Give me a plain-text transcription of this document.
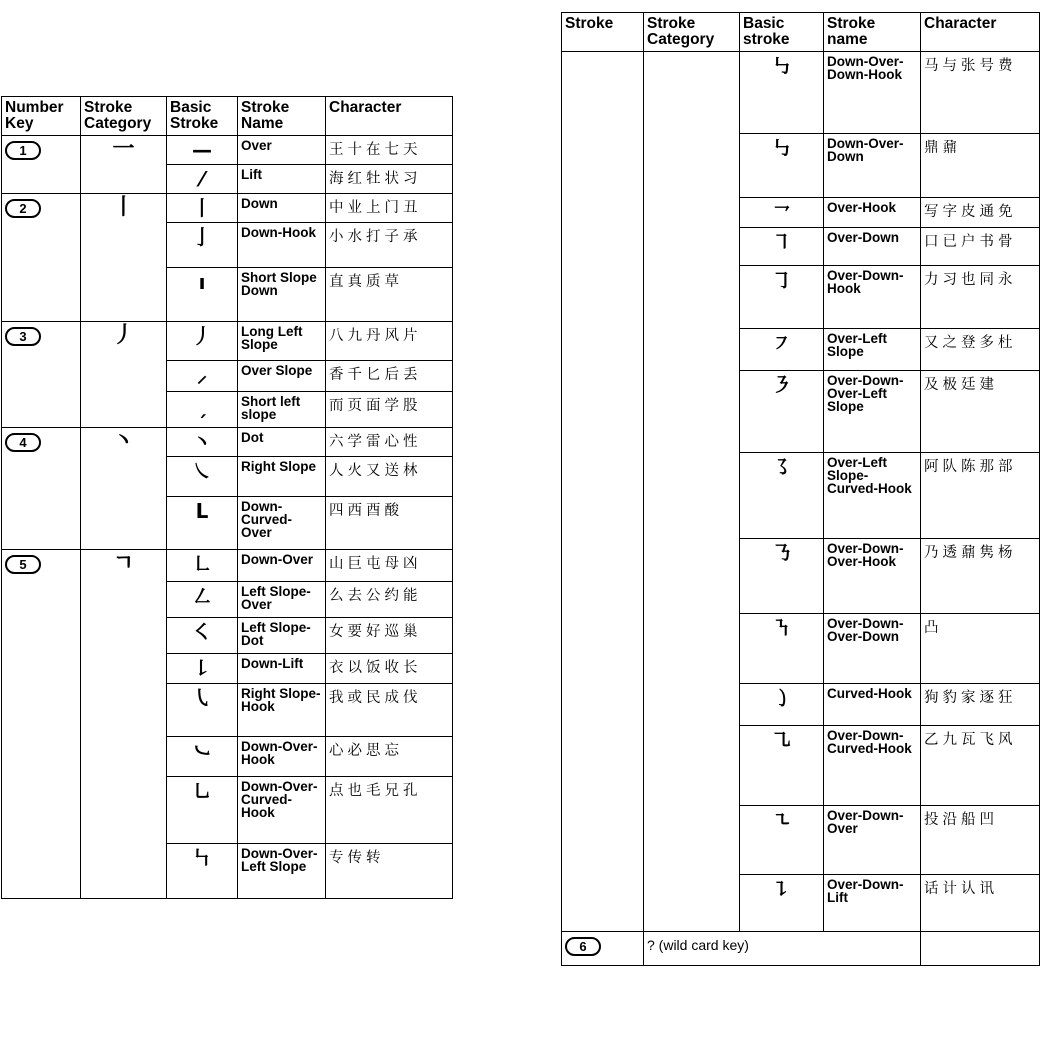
Number Key	Stroke Category	Basic Stroke	Stroke Name	Character
1	一	—	Over	王十在七天
		⁄	Lift	海红牡状习
2	丨	丨	Down	中业上门丑
		亅	Down-Hook	小水打子承
		ı	Short Slope Down	直真质草
3	丿	丿	Long Left Slope	八九丹风片
		⸝	Over Slope	香千匕后丢
		ˏ	Short left slope	而页面学股
4	丶	丶	Dot	六学雷心性
		㇏	Right Slope	人火又送林
		L	Down-Curved-Over	四西酉酸
5	ㄱ	㇗	Down-Over	山巨屯母凶
		㇜	Left Slope-Over	么去公约能
		㇛	Left Slope-Dot	女要好巡巢
		㇙	Down-Lift	衣以饭收长
		㇂	Right Slope-Hook	我或民成伐
		㇃	Down-Over-Hook	心必思忘
		㇟	Down-Over-Curved-Hook	点也毛兄孔
		㇞	Down-Over-Left Slope	专传转
Stroke	Stroke Category	Basic stroke	Stroke name	Character
		㇉	Down-Over-Down-Hook	马与张号费
		㇉	Down-Over-Down	鼎鼐
		㇖	Over-Hook	写字皮通免
		㇕	Over-Down	口已户书骨
		㇆	Over-Down-Hook	力习也同永
		㇇	Over-Left Slope	又之登多杜
		㇋	Over-Down-Over-Left Slope	及极廷建
		㇌	Over-Left Slope-Curved-Hook	阿队陈那部
		㇡	Over-Down-Over-Hook	乃透鼐隽杨
		㇎	Over-Down-Over-Down	凸
		㇁	Curved-Hook	狗豹家逐狂
		㇈	Over-Down-Curved-Hook	乙九瓦飞风
		㇍	Over-Down-Over	投沿船凹
		㇊	Over-Down-Lift	话计认讯
6	? (wild card key)			
